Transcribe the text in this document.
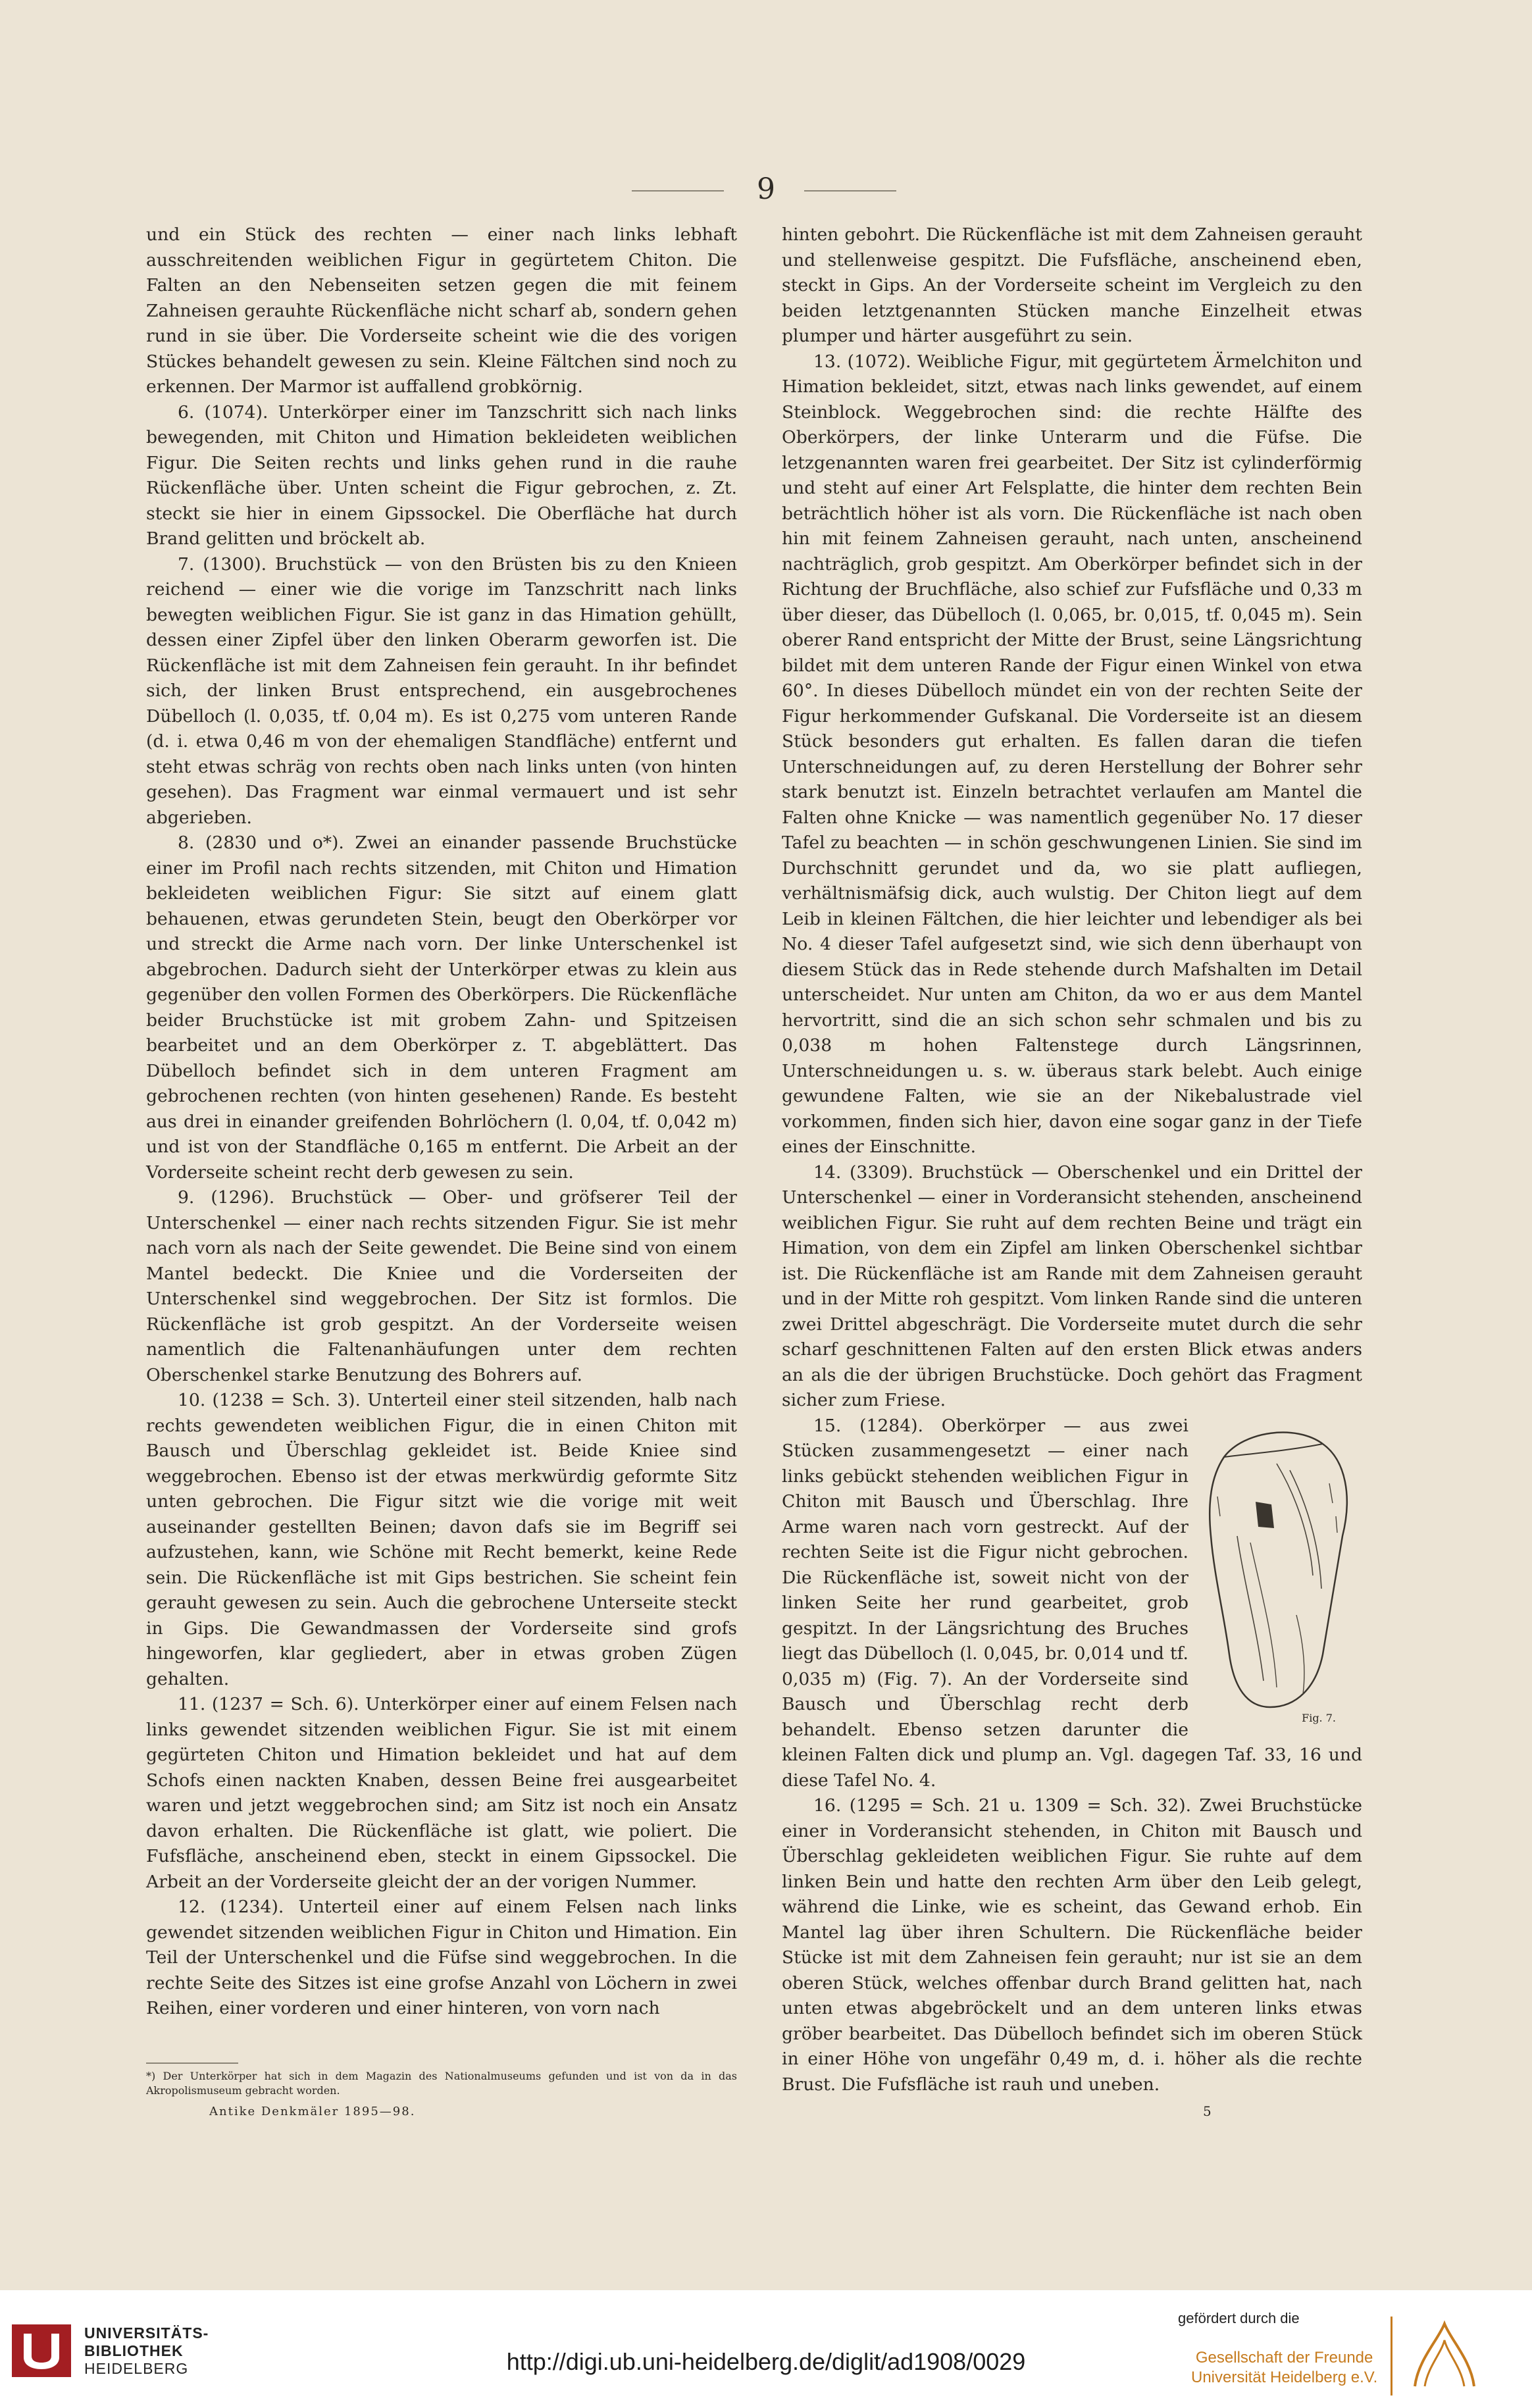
9

und ein Stück des rechten — einer nach links lebhaft ausschreitenden weiblichen Figur in gegürtetem Chiton. Die Falten an den Nebenseiten setzen gegen die mit feinem Zahneisen gerauhte Rückenfläche nicht scharf ab, sondern gehen rund in sie über. Die Vorderseite scheint wie die des vorigen Stückes behandelt gewesen zu sein. Kleine Fältchen sind noch zu erkennen. Der Marmor ist auffallend grobkörnig.

6. (1074). Unterkörper einer im Tanzschritt sich nach links bewegenden, mit Chiton und Himation bekleideten weiblichen Figur. Die Seiten rechts und links gehen rund in die rauhe Rückenfläche über. Unten scheint die Figur gebrochen, z. Zt. steckt sie hier in einem Gipssockel. Die Oberfläche hat durch Brand gelitten und bröckelt ab.

7. (1300). Bruchstück — von den Brüsten bis zu den Knieen reichend — einer wie die vorige im Tanzschritt nach links bewegten weiblichen Figur. Sie ist ganz in das Himation gehüllt, dessen einer Zipfel über den linken Oberarm geworfen ist. Die Rückenfläche ist mit dem Zahneisen fein gerauht. In ihr befindet sich, der linken Brust entsprechend, ein ausgebrochenes Dübelloch (l. 0,035, tf. 0,04 m). Es ist 0,275 vom unteren Rande (d. i. etwa 0,46 m von der ehemaligen Standfläche) entfernt und steht etwas schräg von rechts oben nach links unten (von hinten gesehen). Das Fragment war einmal vermauert und ist sehr abgerieben.

8. (2830 und o*). Zwei an einander passende Bruchstücke einer im Profil nach rechts sitzenden, mit Chiton und Himation bekleideten weiblichen Figur: Sie sitzt auf einem glatt behauenen, etwas gerundeten Stein, beugt den Oberkörper vor und streckt die Arme nach vorn. Der linke Unterschenkel ist abgebrochen. Dadurch sieht der Unterkörper etwas zu klein aus gegenüber den vollen Formen des Oberkörpers. Die Rückenfläche beider Bruchstücke ist mit grobem Zahn- und Spitzeisen bearbeitet und an dem Oberkörper z. T. abgeblättert. Das Dübelloch befindet sich in dem unteren Fragment am gebrochenen rechten (von hinten gesehenen) Rande. Es besteht aus drei in einander greifenden Bohrlöchern (l. 0,04, tf. 0,042 m) und ist von der Standfläche 0,165 m entfernt. Die Arbeit an der Vorderseite scheint recht derb gewesen zu sein.

9. (1296). Bruchstück — Ober- und gröfserer Teil der Unterschenkel — einer nach rechts sitzenden Figur. Sie ist mehr nach vorn als nach der Seite gewendet. Die Beine sind von einem Mantel bedeckt. Die Kniee und die Vorderseiten der Unterschenkel sind weggebrochen. Der Sitz ist formlos. Die Rückenfläche ist grob gespitzt. An der Vorderseite weisen namentlich die Faltenanhäufungen unter dem rechten Oberschenkel starke Benutzung des Bohrers auf.

10. (1238 = Sch. 3). Unterteil einer steil sitzenden, halb nach rechts gewendeten weiblichen Figur, die in einen Chiton mit Bausch und Überschlag gekleidet ist. Beide Kniee sind weggebrochen. Ebenso ist der etwas merkwürdig geformte Sitz unten gebrochen. Die Figur sitzt wie die vorige mit weit auseinander gestellten Beinen; davon dafs sie im Begriff sei aufzustehen, kann, wie Schöne mit Recht bemerkt, keine Rede sein. Die Rückenfläche ist mit Gips bestrichen. Sie scheint fein gerauht gewesen zu sein. Auch die gebrochene Unterseite steckt in Gips. Die Gewandmassen der Vorderseite sind grofs hingeworfen, klar gegliedert, aber in etwas groben Zügen gehalten.

11. (1237 = Sch. 6). Unterkörper einer auf einem Felsen nach links gewendet sitzenden weiblichen Figur. Sie ist mit einem gegürteten Chiton und Himation bekleidet und hat auf dem Schofs einen nackten Knaben, dessen Beine frei ausgearbeitet waren und jetzt weggebrochen sind; am Sitz ist noch ein Ansatz davon erhalten. Die Rückenfläche ist glatt, wie poliert. Die Fufsfläche, anscheinend eben, steckt in einem Gipssockel. Die Arbeit an der Vorderseite gleicht der an der vorigen Nummer.

12. (1234). Unterteil einer auf einem Felsen nach links gewendet sitzenden weiblichen Figur in Chiton und Himation. Ein Teil der Unterschenkel und die Füfse sind weggebrochen. In die rechte Seite des Sitzes ist eine grofse Anzahl von Löchern in zwei Reihen, einer vorderen und einer hinteren, von vorn nach

hinten gebohrt. Die Rückenfläche ist mit dem Zahneisen gerauht und stellenweise gespitzt. Die Fufsfläche, anscheinend eben, steckt in Gips. An der Vorderseite scheint im Vergleich zu den beiden letztgenannten Stücken manche Einzelheit etwas plumper und härter ausgeführt zu sein.

13. (1072). Weibliche Figur, mit gegürtetem Ärmelchiton und Himation bekleidet, sitzt, etwas nach links gewendet, auf einem Steinblock. Weggebrochen sind: die rechte Hälfte des Oberkörpers, der linke Unterarm und die Füfse. Die letzgenannten waren frei gearbeitet. Der Sitz ist cylinderförmig und steht auf einer Art Felsplatte, die hinter dem rechten Bein beträchtlich höher ist als vorn. Die Rückenfläche ist nach oben hin mit feinem Zahneisen gerauht, nach unten, anscheinend nachträglich, grob gespitzt. Am Oberkörper befindet sich in der Richtung der Bruchfläche, also schief zur Fufsfläche und 0,33 m über dieser, das Dübelloch (l. 0,065, br. 0,015, tf. 0,045 m). Sein oberer Rand entspricht der Mitte der Brust, seine Längsrichtung bildet mit dem unteren Rande der Figur einen Winkel von etwa 60°. In dieses Dübelloch mündet ein von der rechten Seite der Figur herkommender Gufskanal. Die Vorderseite ist an diesem Stück besonders gut erhalten. Es fallen daran die tiefen Unterschneidungen auf, zu deren Herstellung der Bohrer sehr stark benutzt ist. Einzeln betrachtet verlaufen am Mantel die Falten ohne Knicke — was namentlich gegenüber No. 17 dieser Tafel zu beachten — in schön geschwungenen Linien. Sie sind im Durchschnitt gerundet und da, wo sie platt aufliegen, verhältnismäfsig dick, auch wulstig. Der Chiton liegt auf dem Leib in kleinen Fältchen, die hier leichter und lebendiger als bei No. 4 dieser Tafel aufgesetzt sind, wie sich denn überhaupt von diesem Stück das in Rede stehende durch Mafshalten im Detail unterscheidet. Nur unten am Chiton, da wo er aus dem Mantel hervortritt, sind die an sich schon sehr schmalen und bis zu 0,038 m hohen Faltenstege durch Längsrinnen, Unterschneidungen u. s. w. überaus stark belebt. Auch einige gewundene Falten, wie sie an der Nikebalustrade viel vorkommen, finden sich hier, davon eine sogar ganz in der Tiefe eines der Einschnitte.

14. (3309). Bruchstück — Oberschenkel und ein Drittel der Unterschenkel — einer in Vorderansicht stehenden, anscheinend weiblichen Figur. Sie ruht auf dem rechten Beine und trägt ein Himation, von dem ein Zipfel am linken Oberschenkel sichtbar ist. Die Rückenfläche ist am Rande mit dem Zahneisen gerauht und in der Mitte roh gespitzt. Vom linken Rande sind die unteren zwei Drittel abgeschrägt. Die Vorderseite mutet durch die sehr scharf geschnittenen Falten auf den ersten Blick etwas anders an als die der übrigen Bruchstücke. Doch gehört das Fragment sicher zum Friese.

Fig. 7.

15. (1284). Oberkörper — aus zwei Stücken zusammengesetzt — einer nach links gebückt stehenden weiblichen Figur in Chiton mit Bausch und Überschlag. Ihre Arme waren nach vorn gestreckt. Auf der rechten Seite ist die Figur nicht gebrochen. Die Rückenfläche ist, soweit nicht von der linken Seite her rund gearbeitet, grob gespitzt. In der Längsrichtung des Bruches liegt das Dübelloch (l. 0,045, br. 0,014 und tf. 0,035 m) (Fig. 7). An der Vorderseite sind Bausch und Überschlag recht derb behandelt. Ebenso setzen darunter die kleinen Falten dick und plump an. Vgl. dagegen Taf. 33, 16 und diese Tafel No. 4.

16. (1295 = Sch. 21 u. 1309 = Sch. 32). Zwei Bruchstücke einer in Vorderansicht stehenden, in Chiton mit Bausch und Überschlag gekleideten weiblichen Figur. Sie ruhte auf dem linken Bein und hatte den rechten Arm über den Leib gelegt, während die Linke, wie es scheint, das Gewand erhob. Ein Mantel lag über ihren Schultern. Die Rückenfläche beider Stücke ist mit dem Zahneisen fein gerauht; nur ist sie an dem oberen Stück, welches offenbar durch Brand gelitten hat, nach unten etwas abgebröckelt und an dem unteren links etwas gröber bearbeitet. Das Dübelloch befindet sich im oberen Stück in einer Höhe von ungefähr 0,49 m, d. i. höher als die rechte Brust. Die Fufsfläche ist rauh und uneben.

*) Der Unterkörper hat sich in dem Magazin des Nationalmuseums gefunden und ist von da in das Akropolismuseum gebracht worden.
Antike Denkmäler 1895—98.	5
UNIVERSITÄTS-
BIBLIOTHEK
HEIDELBERG	http://digi.ub.uni-heidelberg.de/diglit/ad1908/0029
gefördert durch die
Gesellschaft der Freunde
Universität Heidelberg e.V.
